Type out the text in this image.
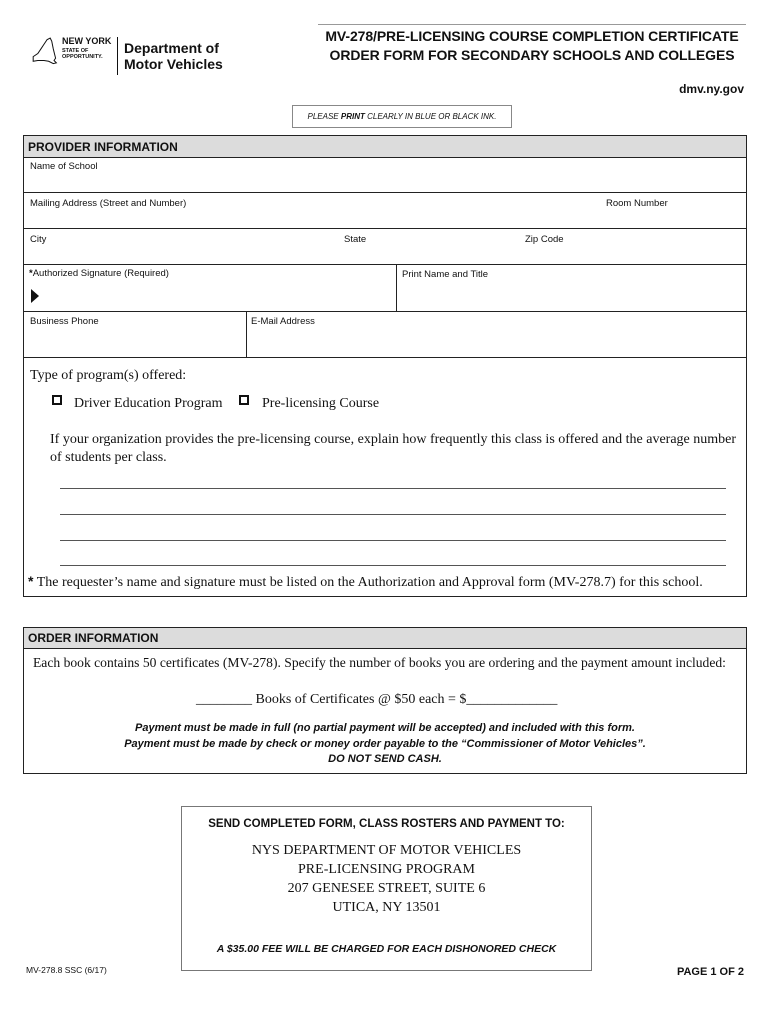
NEW YORK
STATE OF
OPPORTUNITY.
Department of
Motor Vehicles
MV-278/PRE-LICENSING COURSE COMPLETION CERTIFICATE
ORDER FORM FOR SECONDARY SCHOOLS AND COLLEGES
dmv.ny.gov
PLEASE PRINT CLEARLY IN BLUE OR BLACK INK.
PROVIDER INFORMATION
Name of School
Mailing Address (Street and Number)	Room Number
City	State	Zip Code
*Authorized Signature (Required)	Print Name and Title
Business Phone	E-Mail Address
Type of program(s) offered:
Driver Education Program	Pre-licensing Course
If your organization provides the pre-licensing course, explain how frequently this class is offered and the average number of students per class.
* The requester’s name and signature must be listed on the Authorization and Approval form (MV-278.7) for this school.
ORDER INFORMATION
Each book contains 50 certificates (MV-278). Specify the number of books you are ordering and the payment amount included:
________ Books of Certificates @ $50 each = $_____________
Payment must be made in full (no partial payment will be accepted) and included with this form.
Payment must be made by check or money order payable to the “Commissioner of Motor Vehicles”.
DO NOT SEND CASH.
SEND COMPLETED FORM, CLASS ROSTERS AND PAYMENT TO:
NYS DEPARTMENT OF MOTOR VEHICLES
PRE-LICENSING PROGRAM
207 GENESEE STREET, SUITE 6
UTICA, NY 13501
A $35.00 FEE WILL BE CHARGED FOR EACH DISHONORED CHECK
MV-278.8 SSC (6/17)	PAGE 1 OF 2
